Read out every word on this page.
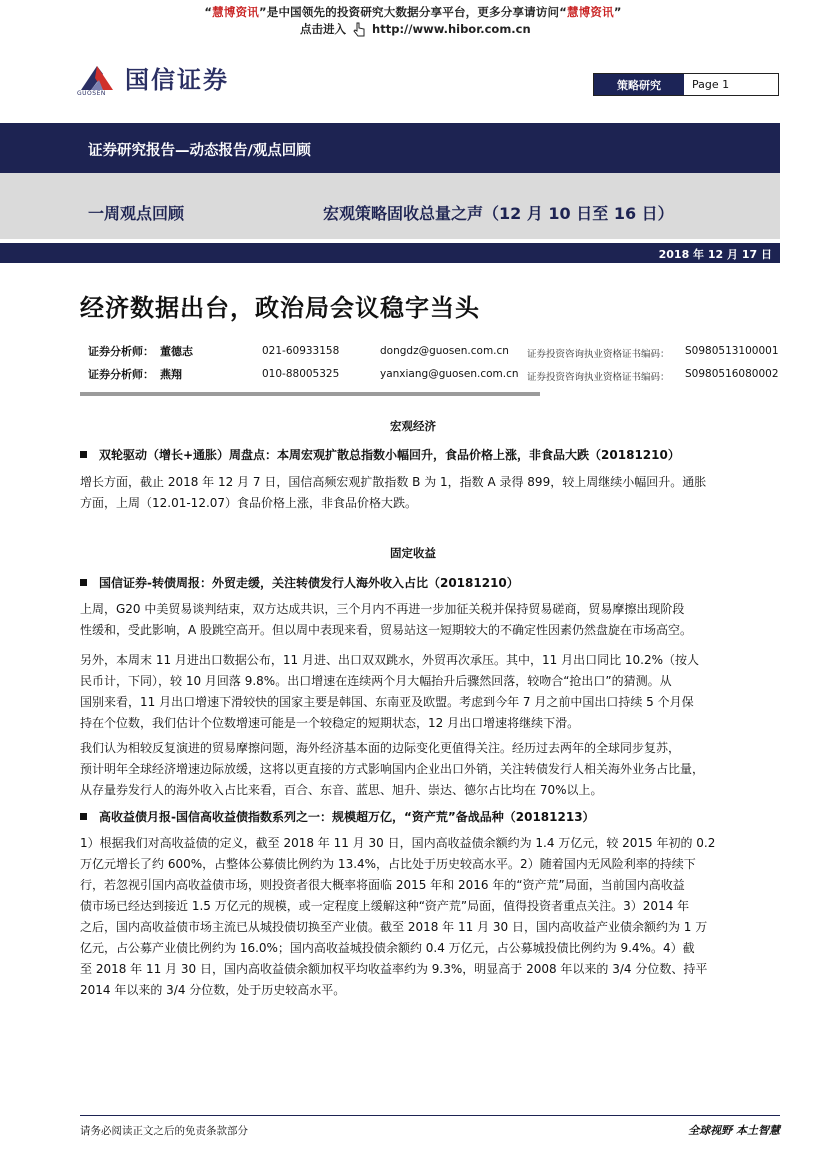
“慧博资讯”是中国领先的投资研究大数据分享平台，更多分享请访问“慧博资讯”
点击进入 http://www.hibor.com.cn
国信证券
GUOSEN
策略研究	Page 1
证券研究报告—动态报告/观点回顾
一周观点回顾	宏观策略固收总量之声（12 月 10 日至 16 日）
2018 年 12 月 17 日
经济数据出台，政治局会议稳字当头
证券分析师： 董德志	021-60933158	dongdz@guosen.com.cn 证券投资咨询执业资格证书编码： S0980513100001
证券分析师： 燕翔	010-88005325	yanxiang@guosen.com.cn 证券投资咨询执业资格证书编码： S0980516080002
宏观经济
双轮驱动（增长+通胀）周盘点：本周宏观扩散总指数小幅回升，食品价格上涨，非食品大跌（20181210）
增长方面，截止 2018 年 12 月 7 日，国信高频宏观扩散指数 B 为 1，指数 A 录得 899，较上周继续小幅回升。通胀
方面，上周（12.01-12.07）食品价格上涨，非食品价格大跌。
固定收益
国信证券-转债周报：外贸走缓，关注转债发行人海外收入占比（20181210）
上周，G20 中美贸易谈判结束，双方达成共识，三个月内不再进一步加征关税并保持贸易磋商，贸易摩擦出现阶段
性缓和，受此影响，A 股跳空高开。但以周中表现来看，贸易站这一短期较大的不确定性因素仍然盘旋在市场高空。
另外，本周末 11 月进出口数据公布，11 月进、出口双双跳水，外贸再次承压。其中，11 月出口同比 10.2%（按人
民币计，下同），较 10 月回落 9.8%。出口增速在连续两个月大幅抬升后骤然回落，较吻合“抢出口”的猜测。从
国别来看，11 月出口增速下滑较快的国家主要是韩国、东南亚及欧盟。考虑到今年 7 月之前中国出口持续 5 个月保
持在个位数，我们估计个位数增速可能是一个较稳定的短期状态，12 月出口增速将继续下滑。
我们认为相较反复演进的贸易摩擦问题，海外经济基本面的边际变化更值得关注。经历过去两年的全球同步复苏，
预计明年全球经济增速边际放缓，这将以更直接的方式影响国内企业出口外销，关注转债发行人相关海外业务占比量，
从存量券发行人的海外收入占比来看，百合、东音、蓝思、旭升、崇达、德尔占比均在 70%以上。
高收益债月报-国信高收益债指数系列之一：规模超万亿，“资产荒”备战品种（20181213）
1）根据我们对高收益债的定义，截至 2018 年 11 月 30 日，国内高收益债余额约为 1.4 万亿元，较 2015 年初的 0.2
万亿元增长了约 600%，占整体公募债比例约为 13.4%，占比处于历史较高水平。2）随着国内无风险利率的持续下
行，若忽视引国内高收益债市场，则投资者很大概率将面临 2015 年和 2016 年的“资产荒”局面，当前国内高收益
债市场已经达到接近 1.5 万亿元的规模，或一定程度上缓解这种“资产荒”局面，值得投资者重点关注。3）2014 年
之后，国内高收益债市场主流已从城投债切换至产业债。截至 2018 年 11 月 30 日，国内高收益产业债余额约为 1 万
亿元，占公募产业债比例约为 16.0%；国内高收益城投债余额约 0.4 万亿元，占公募城投债比例约为 9.4%。4）截
至 2018 年 11 月 30 日，国内高收益债余额加权平均收益率约为 9.3%，明显高于 2008 年以来的 3/4 分位数、持平
2014 年以来的 3/4 分位数，处于历史较高水平。
请务必阅读正文之后的免责条款部分	全球视野 本土智慧
